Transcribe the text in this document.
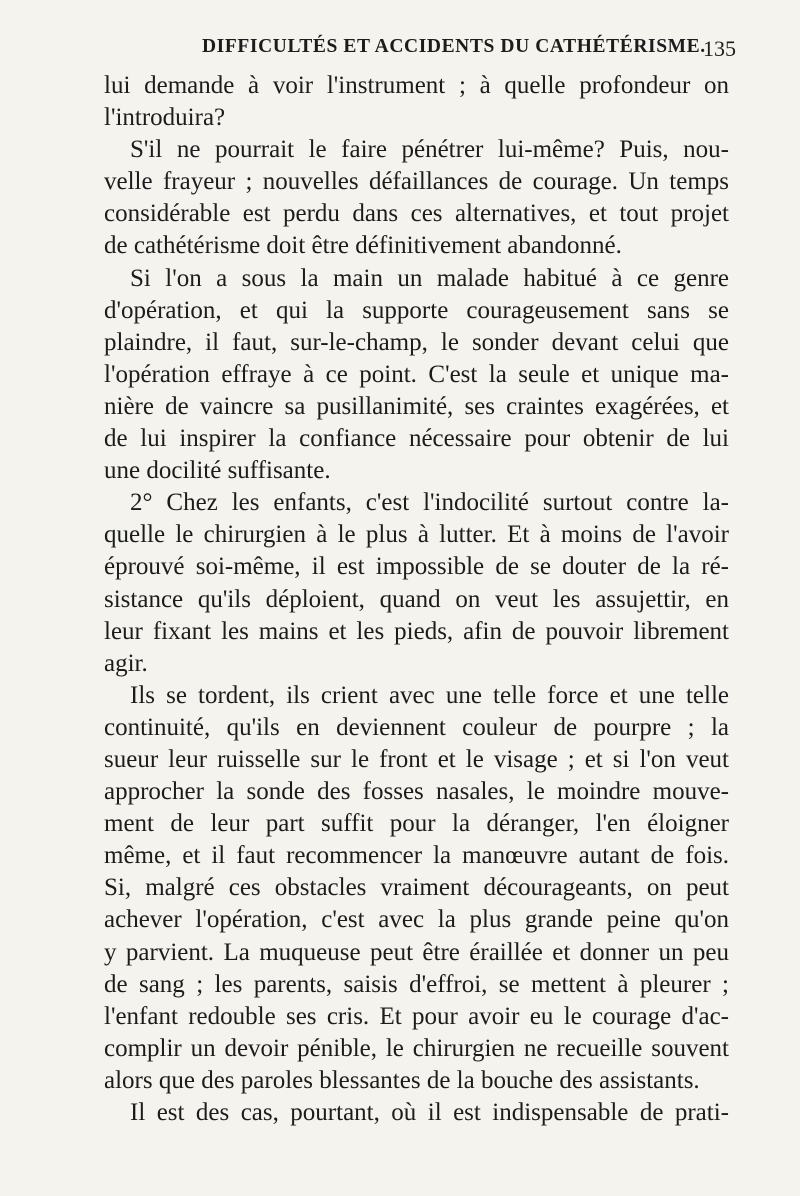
DIFFICULTÉS ET ACCIDENTS DU CATHÉTÉRISME.
135
lui demande à voir l'instrument ; à quelle profondeur on
l'introduira?
S'il ne pourrait le faire pénétrer lui-même? Puis, nou-
velle frayeur ; nouvelles défaillances de courage. Un temps
considérable est perdu dans ces alternatives, et tout projet
de cathétérisme doit être définitivement abandonné.
Si l'on a sous la main un malade habitué à ce genre
d'opération, et qui la supporte courageusement sans se
plaindre, il faut, sur-le-champ, le sonder devant celui que
l'opération effraye à ce point. C'est la seule et unique ma-
nière de vaincre sa pusillanimité, ses craintes exagérées, et
de lui inspirer la confiance nécessaire pour obtenir de lui
une docilité suffisante.
2° Chez les enfants, c'est l'indocilité surtout contre la-
quelle le chirurgien à le plus à lutter. Et à moins de l'avoir
éprouvé soi-même, il est impossible de se douter de la ré-
sistance qu'ils déploient, quand on veut les assujettir, en
leur fixant les mains et les pieds, afin de pouvoir librement
agir.
Ils se tordent, ils crient avec une telle force et une telle
continuité, qu'ils en deviennent couleur de pourpre ; la
sueur leur ruisselle sur le front et le visage ; et si l'on veut
approcher la sonde des fosses nasales, le moindre mouve-
ment de leur part suffit pour la déranger, l'en éloigner
même, et il faut recommencer la manœuvre autant de fois.
Si, malgré ces obstacles vraiment décourageants, on peut
achever l'opération, c'est avec la plus grande peine qu'on
y parvient. La muqueuse peut être éraillée et donner un peu
de sang ; les parents, saisis d'effroi, se mettent à pleurer ;
l'enfant redouble ses cris. Et pour avoir eu le courage d'ac-
complir un devoir pénible, le chirurgien ne recueille souvent
alors que des paroles blessantes de la bouche des assistants.
Il est des cas, pourtant, où il est indispensable de prati-
